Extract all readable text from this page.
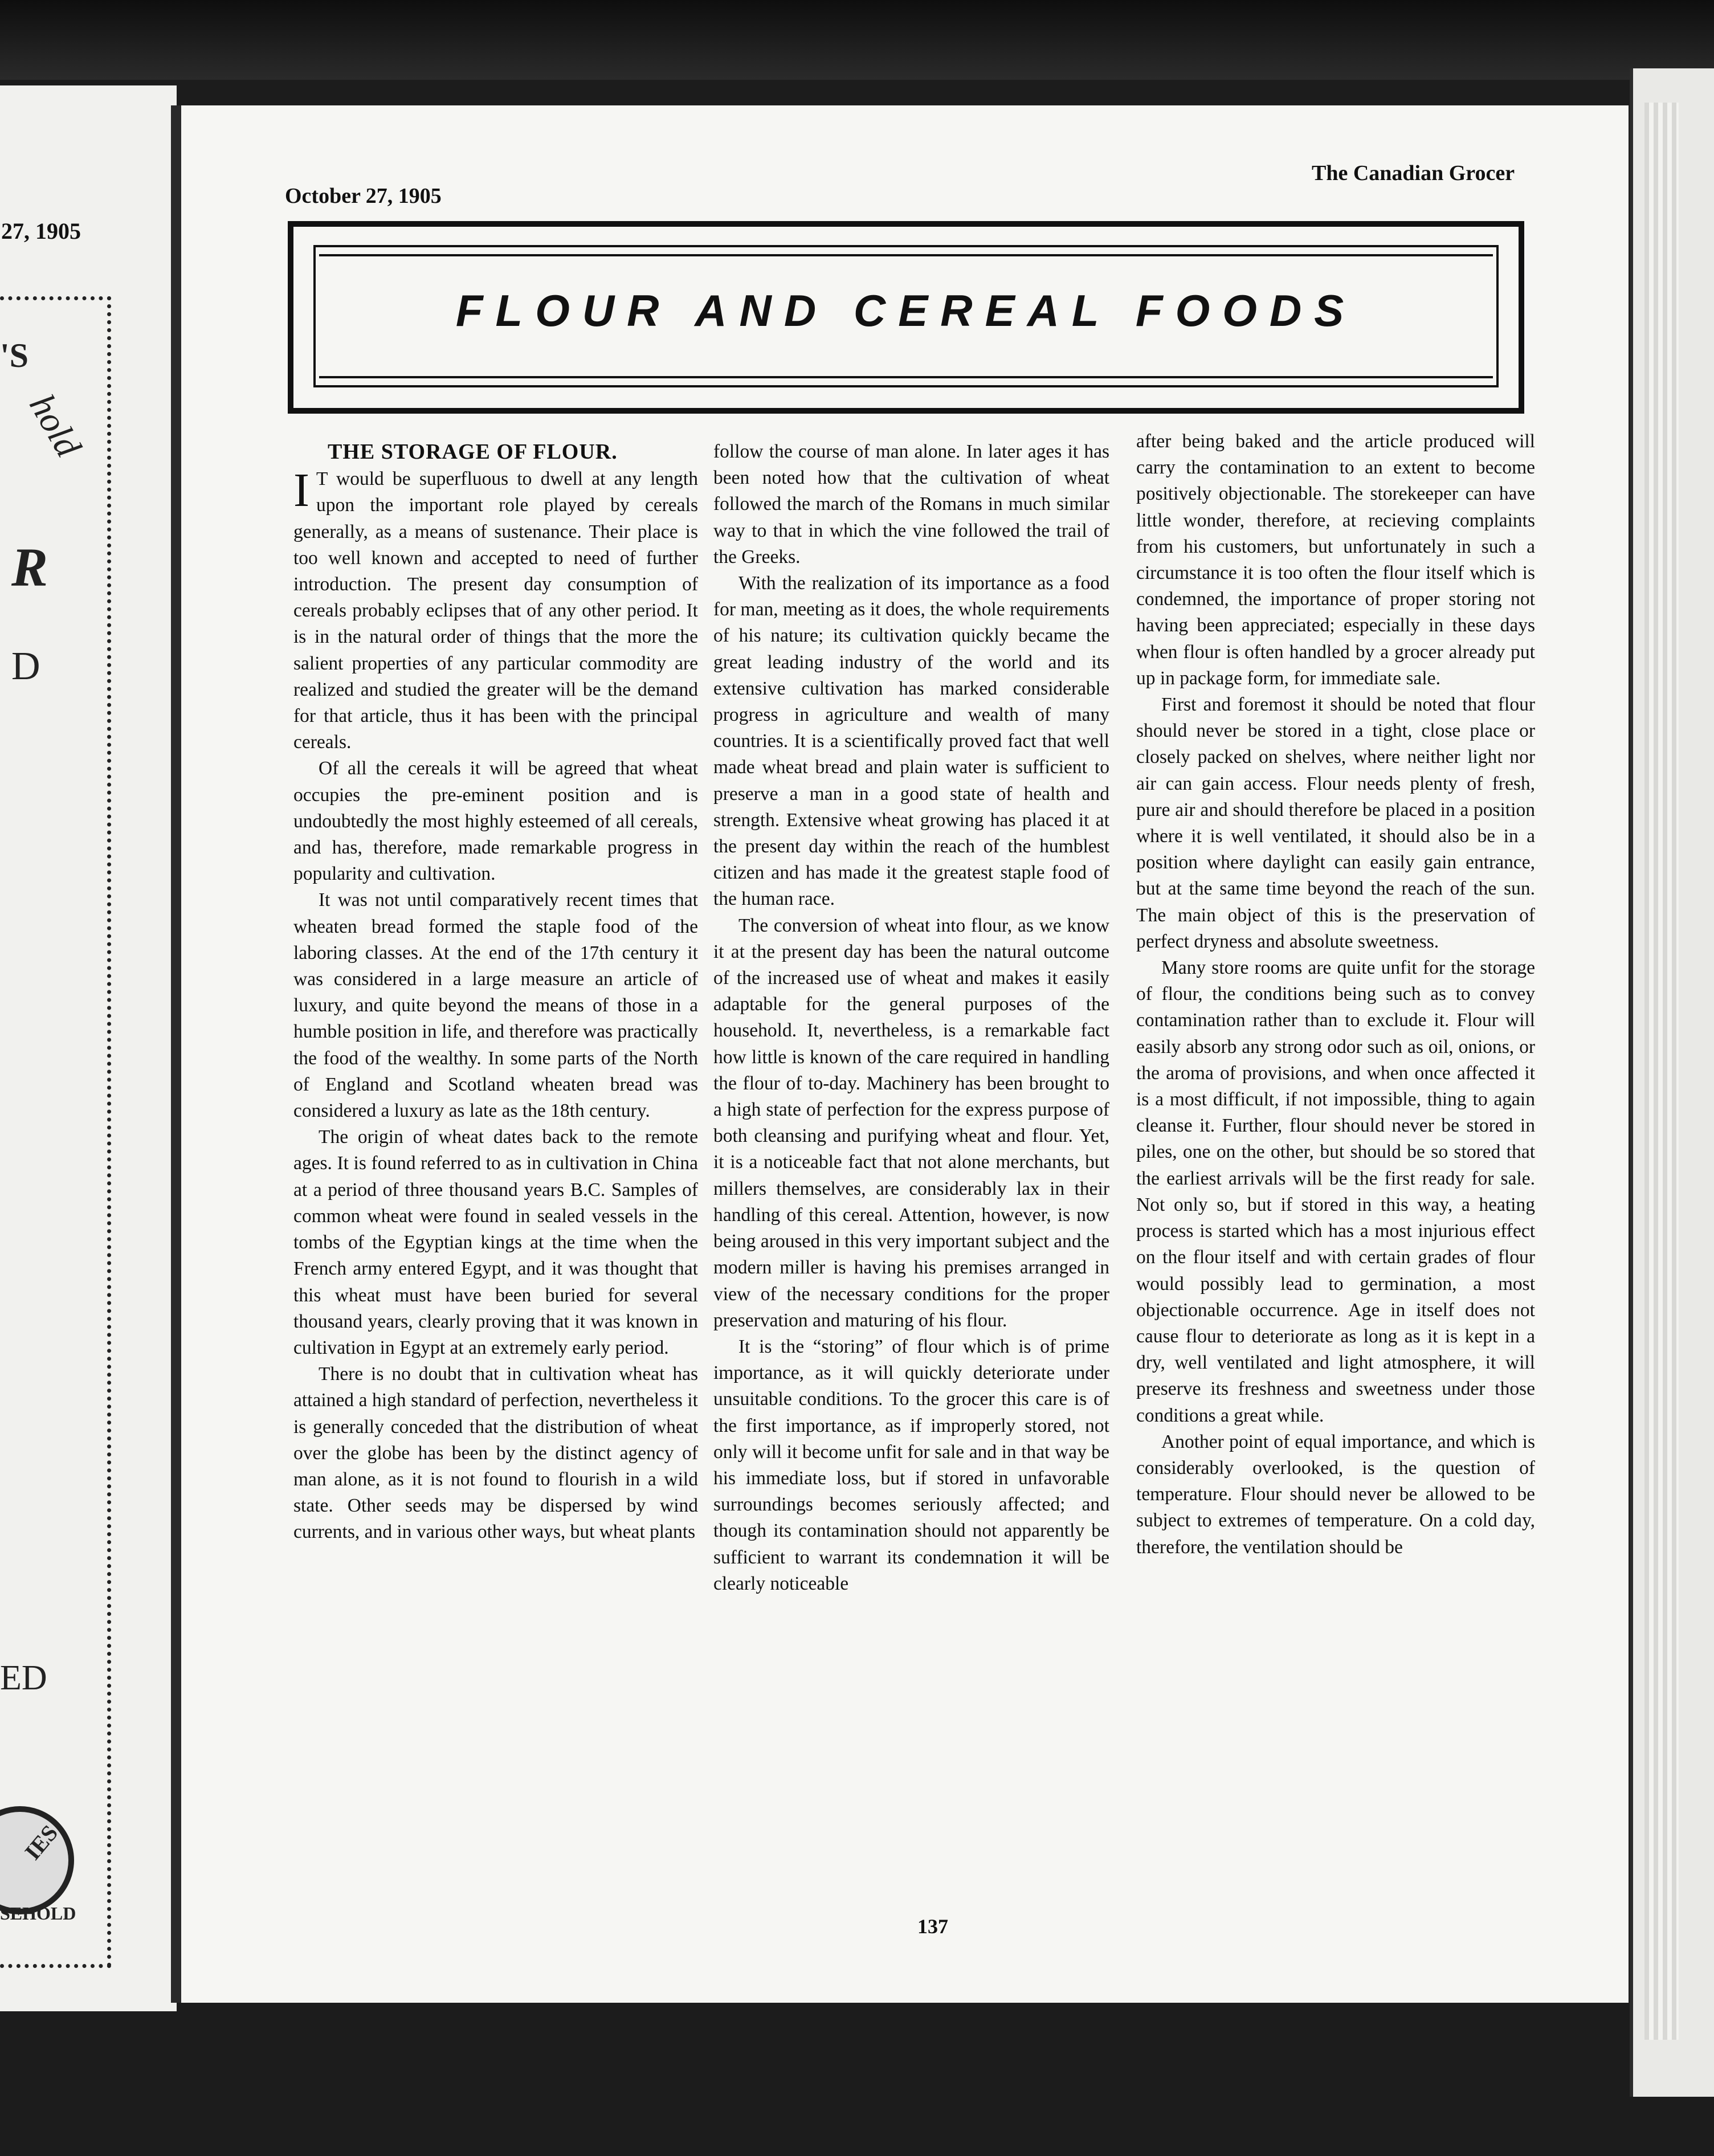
27, 1905
'S
hold
R
D
ED
IES
SEHOLD
October 27, 1905
The Canadian Grocer
FLOUR AND CEREAL FOODS
THE STORAGE OF FLOUR.

I T would be superfluous to dwell at any length upon the important role played by cereals generally, as a means of sustenance. Their place is too well known and accepted to need of further introduction. The present day consumption of cereals probably eclipses that of any other period. It is in the natural order of things that the more the salient properties of any particular commodity are realized and studied the greater will be the demand for that article, thus it has been with the principal cereals.

Of all the cereals it will be agreed that wheat occupies the pre-eminent position and is undoubtedly the most highly esteemed of all cereals, and has, therefore, made remarkable progress in popularity and cultivation.

It was not until comparatively recent times that wheaten bread formed the staple food of the laboring classes. At the end of the 17th century it was considered in a large measure an article of luxury, and quite beyond the means of those in a humble position in life, and therefore was practically the food of the wealthy. In some parts of the North of England and Scotland wheaten bread was considered a luxury as late as the 18th century.

The origin of wheat dates back to the remote ages. It is found referred to as in cultivation in China at a period of three thousand years B.C. Samples of common wheat were found in sealed vessels in the tombs of the Egyptian kings at the time when the French army entered Egypt, and it was thought that this wheat must have been buried for several thousand years, clearly proving that it was known in cultivation in Egypt at an extremely early period.

There is no doubt that in cultivation wheat has attained a high standard of perfection, nevertheless it is generally conceded that the distribution of wheat over the globe has been by the distinct agency of man alone, as it is not found to flourish in a wild state. Other seeds may be dispersed by wind currents, and in various other ways, but wheat plants

follow the course of man alone. In later ages it has been noted how that the cultivation of wheat followed the march of the Romans in much similar way to that in which the vine followed the trail of the Greeks.

With the realization of its importance as a food for man, meeting as it does, the whole requirements of his nature; its cultivation quickly became the great leading industry of the world and its extensive cultivation has marked considerable progress in agriculture and wealth of many countries. It is a scientifically proved fact that well made wheat bread and plain water is sufficient to preserve a man in a good state of health and strength. Extensive wheat growing has placed it at the present day within the reach of the humblest citizen and has made it the greatest staple food of the human race.

The conversion of wheat into flour, as we know it at the present day has been the natural outcome of the increased use of wheat and makes it easily adaptable for the general purposes of the household. It, nevertheless, is a remarkable fact how little is known of the care required in handling the flour of to-day. Machinery has been brought to a high state of perfection for the express purpose of both cleansing and purifying wheat and flour. Yet, it is a noticeable fact that not alone merchants, but millers themselves, are considerably lax in their handling of this cereal. Attention, however, is now being aroused in this very important subject and the modern miller is having his premises arranged in view of the necessary conditions for the proper preservation and maturing of his flour.

It is the “storing” of flour which is of prime importance, as it will quickly deteriorate under unsuitable conditions. To the grocer this care is of the first importance, as if improperly stored, not only will it become unfit for sale and in that way be his immediate loss, but if stored in unfavorable surroundings becomes seriously affected; and though its contamination should not apparently be sufficient to warrant its condemnation it will be clearly noticeable

after being baked and the article produced will carry the contamination to an extent to become positively objectionable. The storekeeper can have little wonder, therefore, at recieving complaints from his customers, but unfortunately in such a circumstance it is too often the flour itself which is condemned, the importance of proper storing not having been appreciated; especially in these days when flour is often handled by a grocer already put up in package form, for immediate sale.

First and foremost it should be noted that flour should never be stored in a tight, close place or closely packed on shelves, where neither light nor air can gain access. Flour needs plenty of fresh, pure air and should therefore be placed in a position where it is well ventilated, it should also be in a position where daylight can easily gain entrance, but at the same time beyond the reach of the sun. The main object of this is the preservation of perfect dryness and absolute sweetness.

Many store rooms are quite unfit for the storage of flour, the conditions being such as to convey contamination rather than to exclude it. Flour will easily absorb any strong odor such as oil, onions, or the aroma of provisions, and when once affected it is a most difficult, if not impossible, thing to again cleanse it. Further, flour should never be stored in piles, one on the other, but should be so stored that the earliest arrivals will be the first ready for sale. Not only so, but if stored in this way, a heating process is started which has a most injurious effect on the flour itself and with certain grades of flour would possibly lead to germination, a most objectionable occurrence. Age in itself does not cause flour to deteriorate as long as it is kept in a dry, well ventilated and light atmosphere, it will preserve its freshness and sweetness under those conditions a great while.

Another point of equal importance, and which is considerably overlooked, is the question of temperature. Flour should never be allowed to be subject to extremes of temperature. On a cold day, therefore, the ventilation should be

137
